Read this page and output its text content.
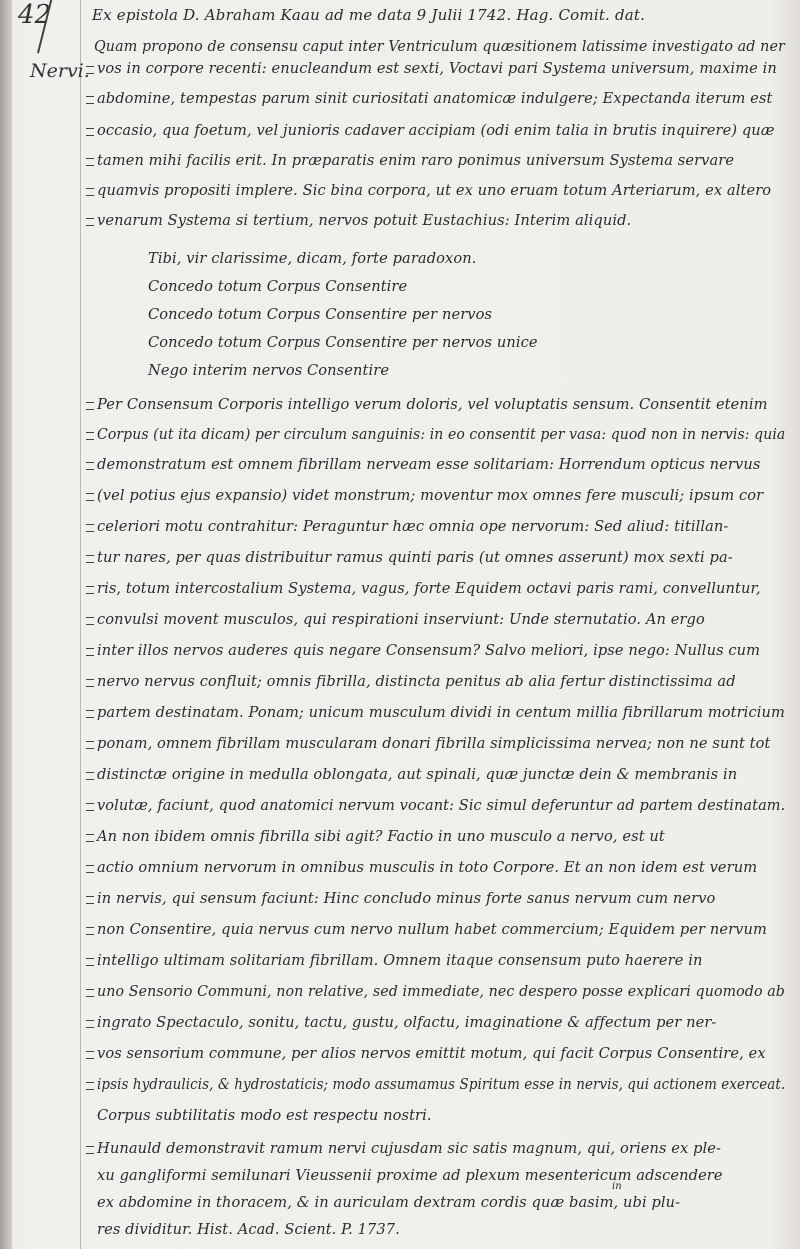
42	Ex epistola D. Abraham Kaau ad me data 9 Julii 1742. Hag. Comit. dat.
Nervi.
Quam propono de consensu caput inter Ventriculum quæsitionem latissime investigato ad ner
vos in corpore recenti: enucleandum est sexti, Voctavi pari Systema universum, maxime in
abdomine, tempestas parum sinit curiositati anatomicæ indulgere; Expectanda iterum est
occasio, qua foetum, vel junioris cadaver accipiam (odi enim talia in brutis inquirere) quæ
tamen mihi facilis erit. In præparatis enim raro ponimus universum Systema servare
quamvis propositi implere. Sic bina corpora, ut ex uno eruam totum Arteriarum, ex altero
venarum Systema si tertium, nervos potuit Eustachius: Interim aliquid.
Tibi, vir clarissime, dicam, forte paradoxon.
Concedo totum Corpus Consentire
Concedo totum Corpus Consentire per nervos
Concedo totum Corpus Consentire per nervos unice
Nego interim nervos Consentire
Per Consensum Corporis intelligo verum doloris, vel voluptatis sensum. Consentit etenim
Corpus (ut ita dicam) per circulum sanguinis: in eo consentit per vasa: quod non in nervis: quia
demonstratum est omnem fibrillam nerveam esse solitariam: Horrendum opticus nervus
(vel potius ejus expansio) videt monstrum; moventur mox omnes fere musculi; ipsum cor
celeriori motu contrahitur: Peraguntur hæc omnia ope nervorum: Sed aliud: titillan-
tur nares, per quas distribuitur ramus quinti paris (ut omnes asserunt) mox sexti pa-
ris, totum intercostalium Systema, vagus, forte Equidem octavi paris rami, convelluntur,
convulsi movent musculos, qui respirationi inserviunt: Unde sternutatio. An ergo
inter illos nervos auderes quis negare Consensum? Salvo meliori, ipse nego: Nullus cum
nervo nervus confluit; omnis fibrilla, distincta penitus ab alia fertur distinctissima ad
partem destinatam. Ponam; unicum musculum dividi in centum millia fibrillarum motricium
ponam, omnem fibrillam muscularam donari fibrilla simplicissima nervea; non ne sunt tot
distinctæ origine in medulla oblongata, aut spinali, quæ junctæ dein & membranis in
volutæ, faciunt, quod anatomici nervum vocant: Sic simul deferuntur ad partem destinatam.
An non ibidem omnis fibrilla sibi agit? Factio in uno musculo a nervo, est ut
actio omnium nervorum in omnibus musculis in toto Corpore. Et an non idem est verum
in nervis, qui sensum faciunt: Hinc concludo minus forte sanus nervum cum nervo
non Consentire, quia nervus cum nervo nullum habet commercium; Equidem per nervum
intelligo ultimam solitariam fibrillam. Omnem itaque consensum puto haerere in
uno Sensorio Communi, non relative, sed immediate, nec despero posse explicari quomodo ab
ingrato Spectaculo, sonitu, tactu, gustu, olfactu, imaginatione & affectum per ner-
vos sensorium commune, per alios nervos emittit motum, qui facit Corpus Consentire, ex
ipsis hydraulicis, & hydrostaticis; modo assumamus Spiritum esse in nervis, qui actionem exerceat.
Corpus subtilitatis modo est respectu nostri.
Hunauld demonstravit ramum nervi cujusdam sic satis magnum, qui, oriens ex ple-
xu gangliformi semilunari Vieussenii proxime ad plexum mesentericum adscendere
in
ex abdomine in thoracem, & in auriculam dextram cordis quæ basim, ubi plu-
res dividitur. Hist. Acad. Scient. P. 1737.
